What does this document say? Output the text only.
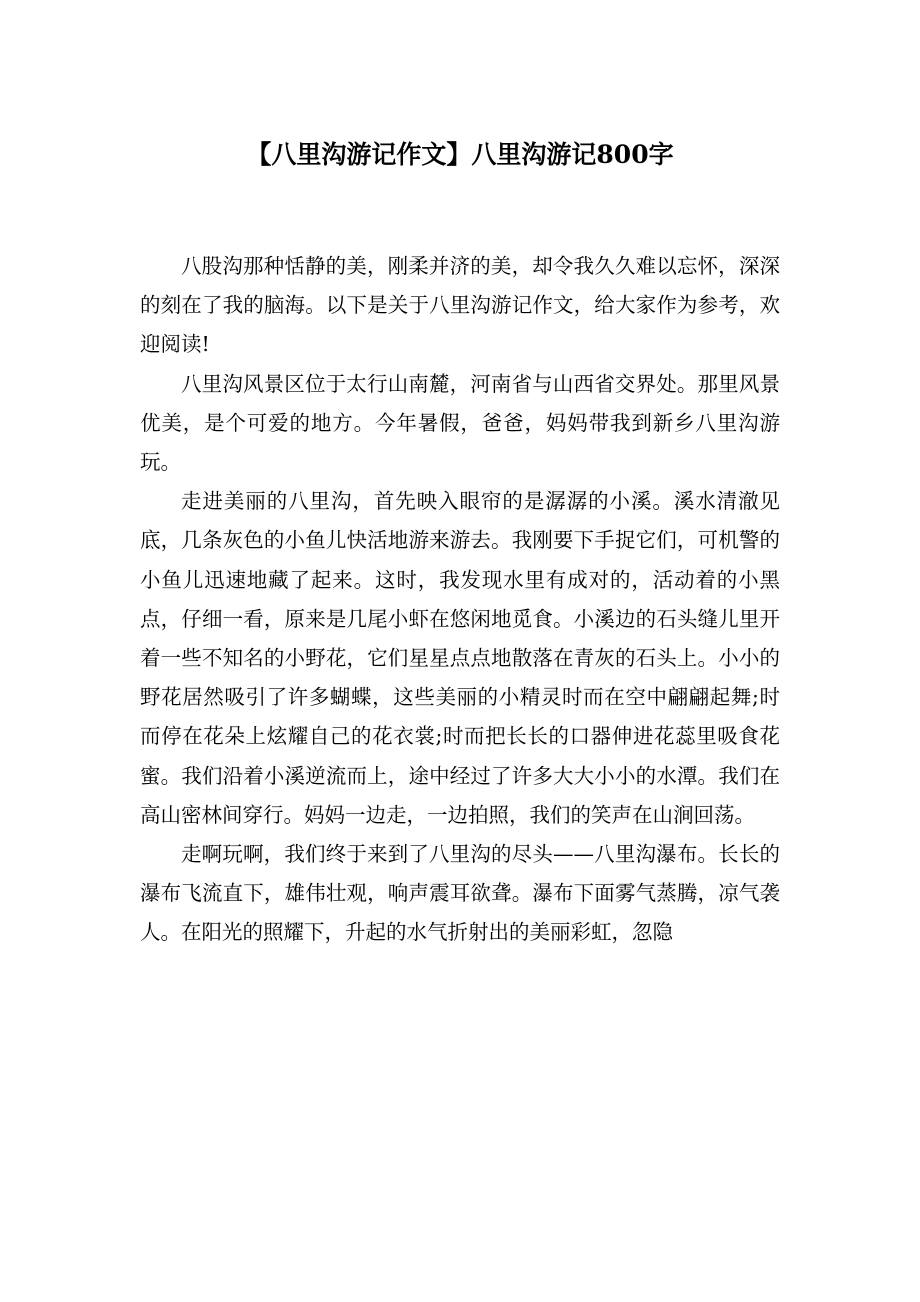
【八里沟游记作文】八里沟游记800字

八股沟那种恬静的美，刚柔并济的美，却令我久久难以忘怀，深深的刻在了我的脑海。以下是关于八里沟游记作文，给大家作为参考，欢迎阅读!

八里沟风景区位于太行山南麓，河南省与山西省交界处。那里风景优美，是个可爱的地方。今年暑假，爸爸，妈妈带我到新乡八里沟游玩。

走进美丽的八里沟，首先映入眼帘的是潺潺的小溪。溪水清澈见底，几条灰色的小鱼儿快活地游来游去。我刚要下手捉它们，可机警的小鱼儿迅速地藏了起来。这时，我发现水里有成对的，活动着的小黑点，仔细一看，原来是几尾小虾在悠闲地觅食。小溪边的石头缝儿里开着一些不知名的小野花，它们星星点点地散落在青灰的石头上。小小的野花居然吸引了许多蝴蝶，这些美丽的小精灵时而在空中翩翩起舞;时而停在花朵上炫耀自己的花衣裳;时而把长长的口器伸进花蕊里吸食花蜜。我们沿着小溪逆流而上，途中经过了许多大大小小的水潭。我们在高山密林间穿行。妈妈一边走，一边拍照，我们的笑声在山涧回荡。

走啊玩啊，我们终于来到了八里沟的尽头——八里沟瀑布。长长的瀑布飞流直下，雄伟壮观，响声震耳欲聋。瀑布下面雾气蒸腾，凉气袭人。在阳光的照耀下，升起的水气折射出的美丽彩虹，忽隐
